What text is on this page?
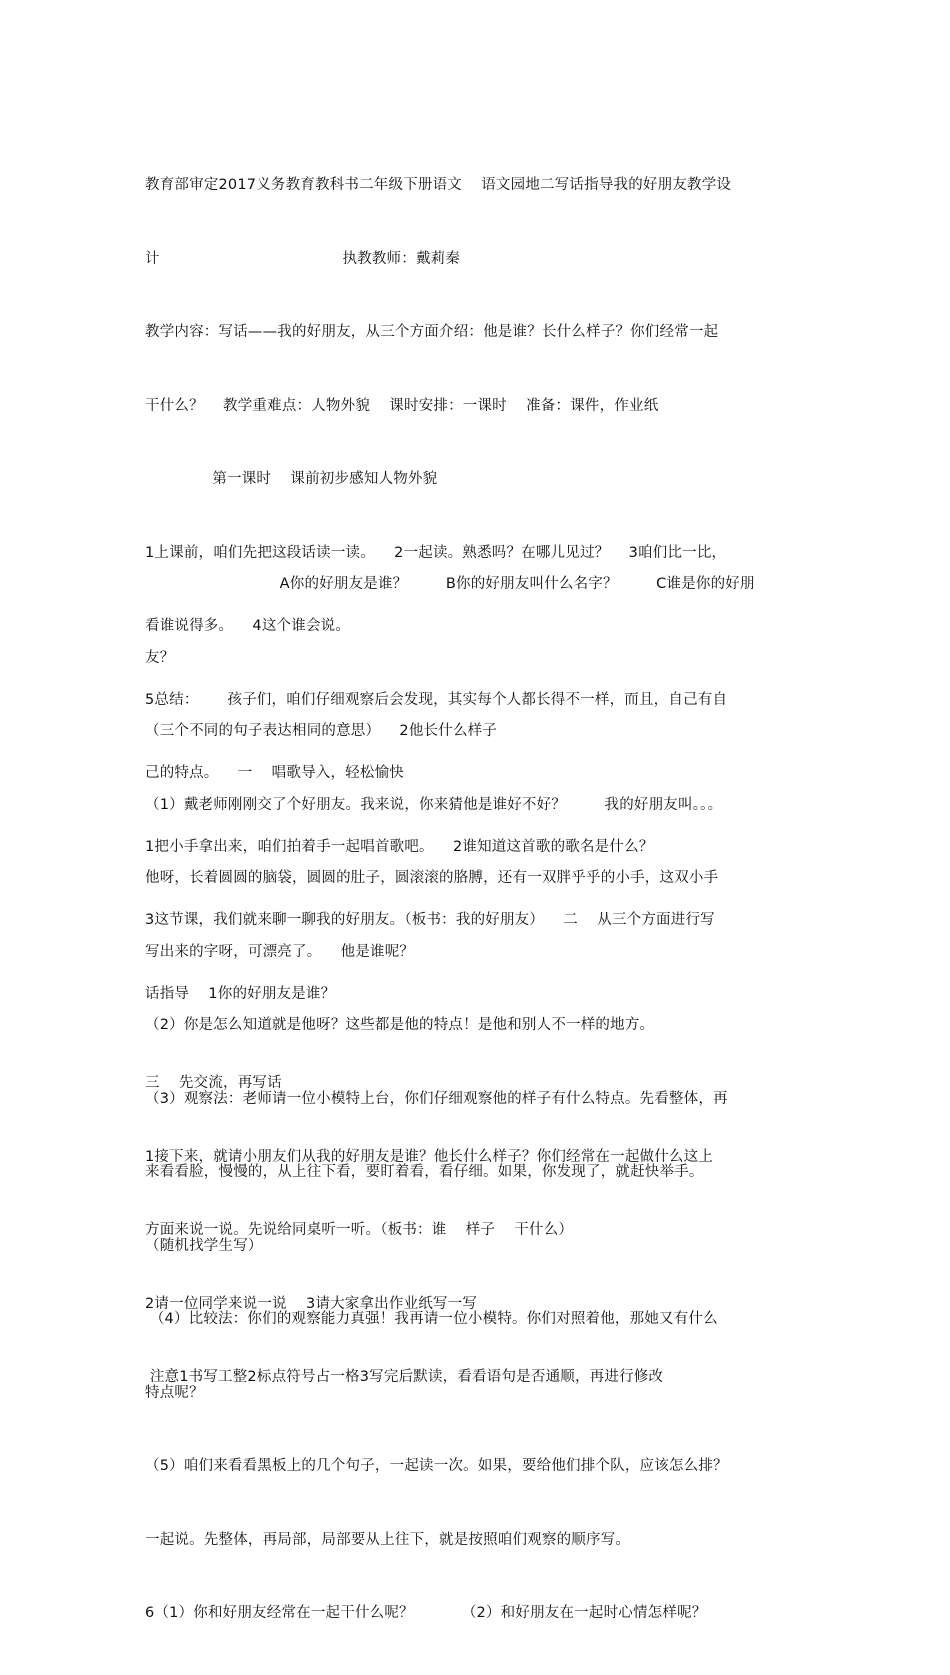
教育部审定2017义务教育教科书二年级下册语文    语文园地二写话指导我的好朋友教学设

计                                      执教教师：戴莉秦

教学内容：写话——我的好朋友，从三个方面介绍：他是谁？长什么样子？你们经常一起

干什么？    教学重难点：人物外貌    课时安排：一课时    准备：课件，作业纸

第一课时    课前初步感知人物外貌

1上课前，咱们先把这段话读一读。    2一起读。熟悉吗？在哪儿见过？    3咱们比一比，

看谁说得多。    4这个谁会说。

5总结：      孩子们，咱们仔细观察后会发现，其实每个人都长得不一样，而且，自己有自

己的特点。    一    唱歌导入，轻松愉快

1把小手拿出来，咱们拍着手一起唱首歌吧。    2谁知道这首歌的歌名是什么？

3这节课，我们就来聊一聊我的好朋友。（板书：我的好朋友）    二    从三个方面进行写

话指导    1你的好朋友是谁？

A你的好朋友是谁？        B你的好朋友叫什么名字？        C谁是你的好朋

友？

（三个不同的句子表达相同的意思）    2他长什么样子

（1）戴老师刚刚交了个好朋友。我来说，你来猜他是谁好不好？        我的好朋友叫。。。

他呀，长着圆圆的脑袋，圆圆的肚子，圆滚滚的胳膊，还有一双胖乎乎的小手，这双小手

写出来的字呀，可漂亮了。    他是谁呢？

（2）你是怎么知道就是他呀？这些都是他的特点！是他和别人不一样的地方。

（3）观察法：老师请一位小模特上台，你们仔细观察他的样子有什么特点。先看整体，再

来看看脸，慢慢的，从上往下看，要盯着看，看仔细。如果，你发现了，就赶快举手。

（随机找学生写）

（4）比较法：你们的观察能力真强！我再请一位小模特。你们对照着他，那她又有什么

特点呢？

（5）咱们来看看黑板上的几个句子，一起读一次。如果，要给他们排个队，应该怎么排？

一起说。先整体，再局部，局部要从上往下，就是按照咱们观察的顺序写。

6（1）你和好朋友经常在一起干什么呢？          （2）和好朋友在一起时心情怎样呢？

三    先交流，再写话

1接下来，就请小朋友们从我的好朋友是谁？他长什么样子？你们经常在一起做什么这上

方面来说一说。先说给同桌听一听。（板书：谁    样子    干什么）

2请一位同学来说一说    3请大家拿出作业纸写一写

注意1书写工整2标点符号占一格3写完后默读，看看语句是否通顺，再进行修改
